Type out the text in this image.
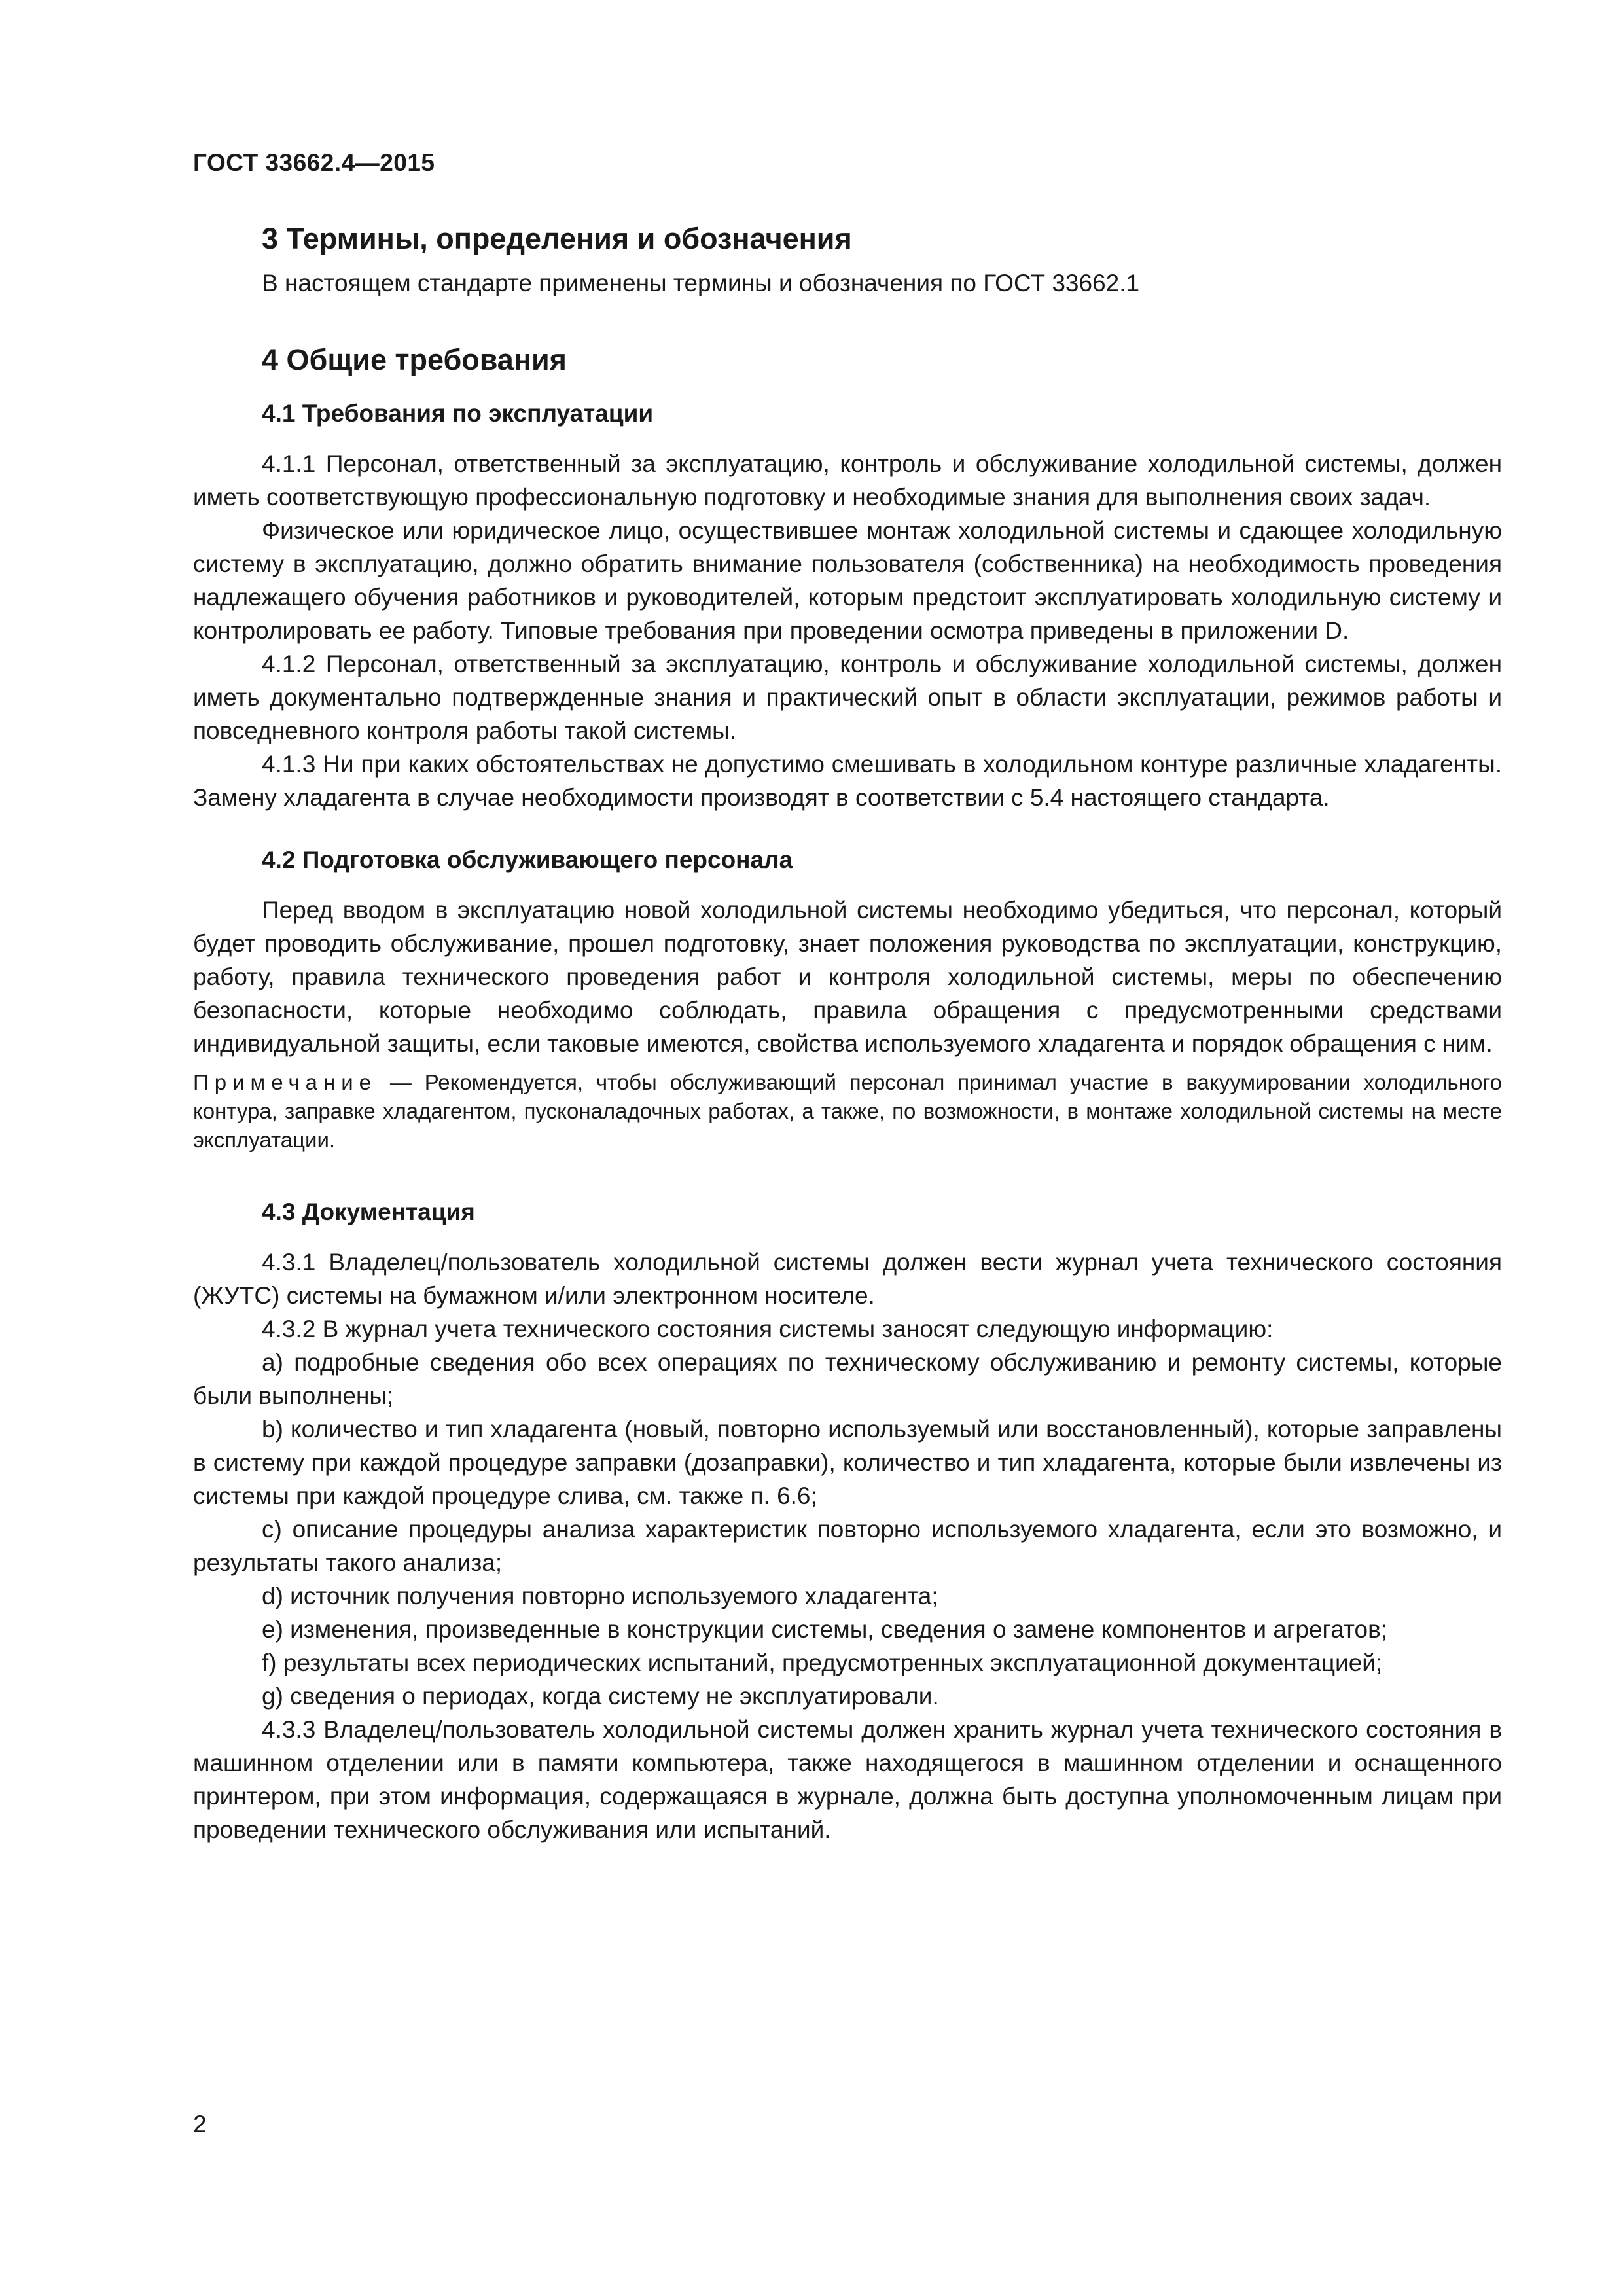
ГОСТ 33662.4—2015
3 Термины, определения и обозначения

В настоящем стандарте применены термины и обозначения по ГОСТ 33662.1

4 Общие требования
4.1 Требования по эксплуатации

4.1.1 Персонал, ответственный за эксплуатацию, контроль и обслуживание холодильной системы, должен иметь соответствующую профессиональную подготовку и необходимые знания для выполнения своих задач.

Физическое или юридическое лицо, осуществившее монтаж холодильной системы и сдающее холодильную систему в эксплуатацию, должно обратить внимание пользователя (собственника) на необходимость проведения надлежащего обучения работников и руководителей, которым предстоит эксплуатировать холодильную систему и контролировать ее работу. Типовые требования при проведении осмотра приведены в приложении D.

4.1.2 Персонал, ответственный за эксплуатацию, контроль и обслуживание холодильной системы, должен иметь документально подтвержденные знания и практический опыт в области эксплуатации, режимов работы и повседневного контроля работы такой системы.

4.1.3 Ни при каких обстоятельствах не допустимо смешивать в холодильном контуре различные хладагенты. Замену хладагента в случае необходимости производят в соответствии с 5.4 настоящего стандарта.

4.2 Подготовка обслуживающего персонала

Перед вводом в эксплуатацию новой холодильной системы необходимо убедиться, что персонал, который будет проводить обслуживание, прошел подготовку, знает положения руководства по эксплуатации, конструкцию, работу, правила технического проведения работ и контроля холодильной системы, меры по обеспечению безопасности, которые необходимо соблюдать, правила обращения с предусмотренными средствами индивидуальной защиты, если таковые имеются, свойства используемого хладагента и порядок обращения с ним.

Примечание — Рекомендуется, чтобы обслуживающий персонал принимал участие в вакуумировании холодильного контура, заправке хладагентом, пусконаладочных работах, а также, по возможности, в монтаже холодильной системы на месте эксплуатации.

4.3 Документация

4.3.1 Владелец/пользователь холодильной системы должен вести журнал учета технического состояния (ЖУТС) системы на бумажном и/или электронном носителе.

4.3.2 В журнал учета технического состояния системы заносят следующую информацию:

a) подробные сведения обо всех операциях по техническому обслуживанию и ремонту системы, которые были выполнены;

b) количество и тип хладагента (новый, повторно используемый или восстановленный), которые заправлены в систему при каждой процедуре заправки (дозаправки), количество и тип хладагента, которые были извлечены из системы при каждой процедуре слива, см. также п. 6.6;

c) описание процедуры анализа характеристик повторно используемого хладагента, если это возможно, и результаты такого анализа;

d) источник получения повторно используемого хладагента;

e) изменения, произведенные в конструкции системы, сведения о замене компонентов и агрегатов;

f) результаты всех периодических испытаний, предусмотренных эксплуатационной документацией;

g) сведения о периодах, когда систему не эксплуатировали.

4.3.3 Владелец/пользователь холодильной системы должен хранить журнал учета технического состояния в машинном отделении или в памяти компьютера, также находящегося в машинном отделении и оснащенного принтером, при этом информация, содержащаяся в журнале, должна быть доступна уполномоченным лицам при проведении технического обслуживания или испытаний.

2
